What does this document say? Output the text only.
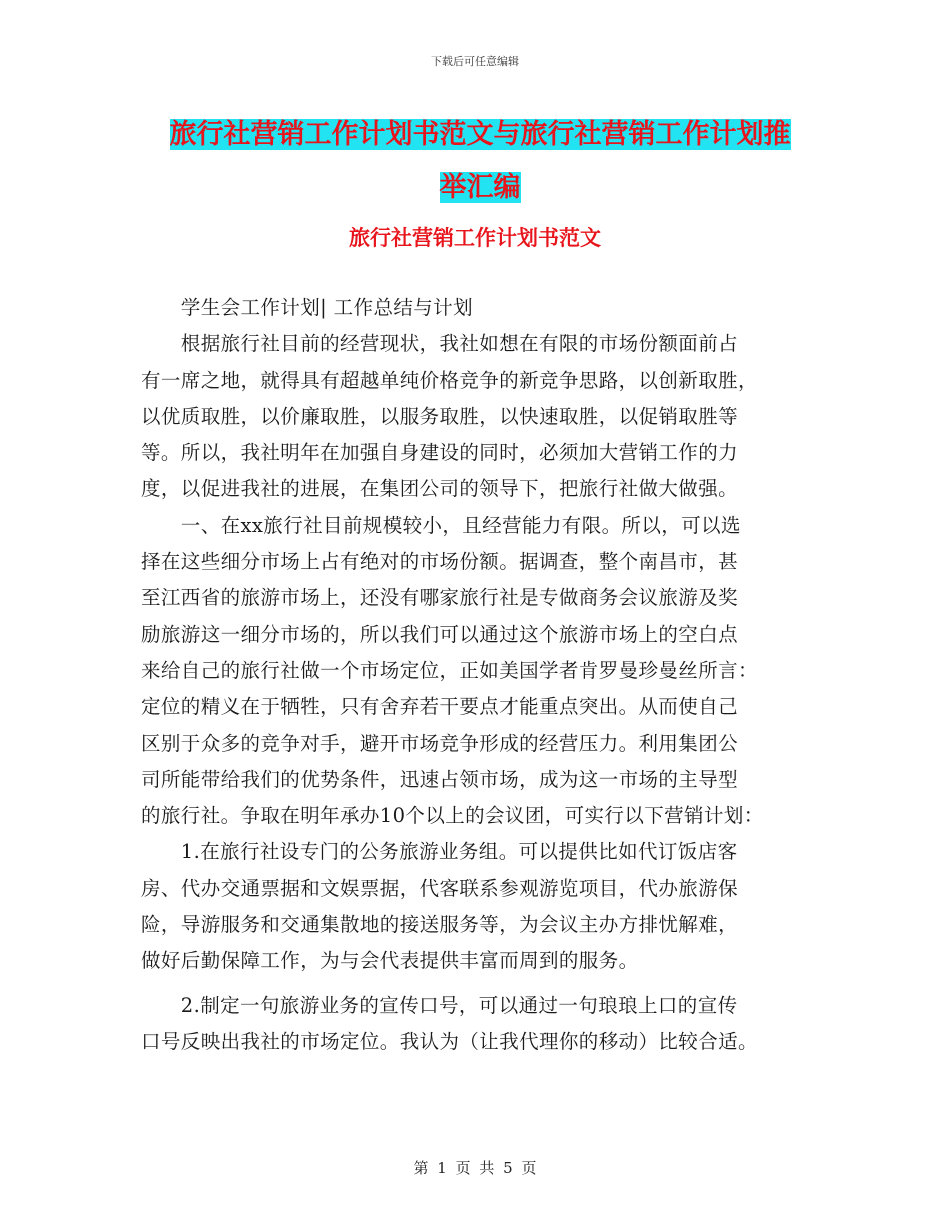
下载后可任意编辑
旅行社营销工作计划书范文与旅行社营销工作计划推
举汇编
旅行社营销工作计划书范文
　　学生会工作计划| 工作总结与计划
　　根据旅行社目前的经营现状，我社如想在有限的市场份额面前占
有一席之地，就得具有超越单纯价格竞争的新竞争思路，以创新取胜，
以优质取胜，以价廉取胜，以服务取胜，以快速取胜，以促销取胜等
等。所以，我社明年在加强自身建设的同时，必须加大营销工作的力
度，以促进我社的进展，在集团公司的领导下，把旅行社做大做强。
　　一、在xx旅行社目前规模较小，且经营能力有限。所以，可以选
择在这些细分市场上占有绝对的市场份额。据调查，整个南昌市，甚
至江西省的旅游市场上，还没有哪家旅行社是专做商务会议旅游及奖
励旅游这一细分市场的，所以我们可以通过这个旅游市场上的空白点
来给自己的旅行社做一个市场定位，正如美国学者肯罗曼珍曼丝所言：
定位的精义在于牺牲，只有舍弃若干要点才能重点突出。从而使自己
区别于众多的竞争对手，避开市场竞争形成的经营压力。利用集团公
司所能带给我们的优势条件，迅速占领市场，成为这一市场的主导型
的旅行社。争取在明年承办10个以上的会议团，可实行以下营销计划：
　　1.在旅行社设专门的公务旅游业务组。可以提供比如代订饭店客
房、代办交通票据和文娱票据，代客联系参观游览项目，代办旅游保
险，导游服务和交通集散地的接送服务等，为会议主办方排忧解难，
做好后勤保障工作，为与会代表提供丰富而周到的服务。
　　2.制定一句旅游业务的宣传口号，可以通过一句琅琅上口的宣传
口号反映出我社的市场定位。我认为（让我代理你的移动）比较合适。
第 1 页 共 5 页
